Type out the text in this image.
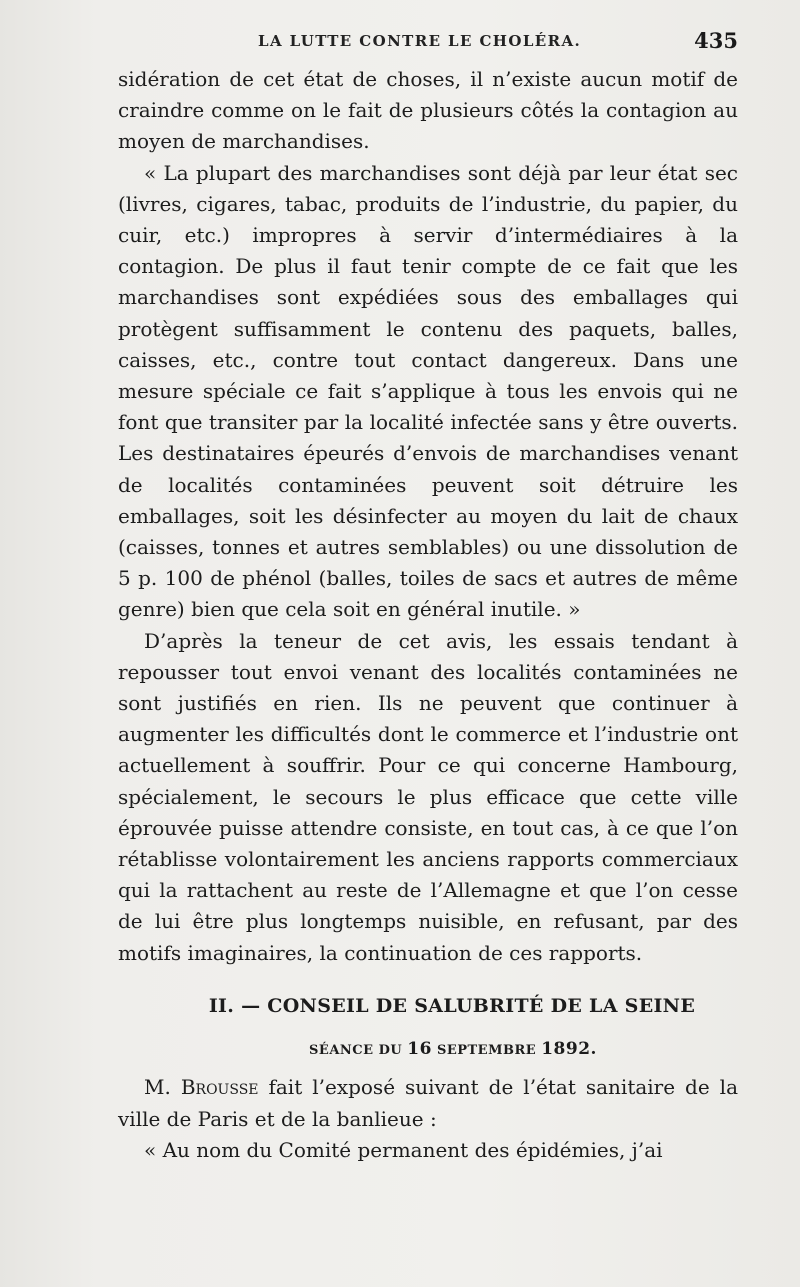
LA LUTTE CONTRE LE CHOLÉRA.	435

sidération de cet état de choses, il n’existe aucun motif de craindre comme on le fait de plusieurs côtés la contagion au moyen de marchandises.

« La plupart des marchandises sont déjà par leur état sec (livres, cigares, tabac, produits de l’industrie, du papier, du cuir, etc.) impropres à servir d’intermédiaires à la contagion. De plus il faut tenir compte de ce fait que les marchandises sont expédiées sous des emballages qui protègent suffisamment le contenu des paquets, balles, caisses, etc., contre tout contact dangereux. Dans une mesure spéciale ce fait s’applique à tous les envois qui ne font que transiter par la localité infectée sans y être ouverts. Les destinataires épeurés d’envois de marchandises venant de localités contaminées peuvent soit détruire les emballages, soit les désinfecter au moyen du lait de chaux (caisses, tonnes et autres semblables) ou une dissolution de 5 p. 100 de phénol (balles, toiles de sacs et autres de même genre) bien que cela soit en général inutile. »

D’après la teneur de cet avis, les essais tendant à repousser tout envoi venant des localités contaminées ne sont justifiés en rien. Ils ne peuvent que continuer à augmenter les difficultés dont le commerce et l’industrie ont actuellement à souffrir. Pour ce qui concerne Hambourg, spécialement, le secours le plus efficace que cette ville éprouvée puisse attendre consiste, en tout cas, à ce que l’on rétablisse volontairement les anciens rapports commerciaux qui la rattachent au reste de l’Allemagne et que l’on cesse de lui être plus longtemps nuisible, en refusant, par des motifs imaginaires, la continuation de ces rapports.

II. — CONSEIL DE SALUBRITÉ DE LA SEINE
SÉANCE DU 16 SEPTEMBRE 1892.

M. Brousse fait l’exposé suivant de l’état sanitaire de la ville de Paris et de la banlieue :

« Au nom du Comité permanent des épidémies, j’ai
